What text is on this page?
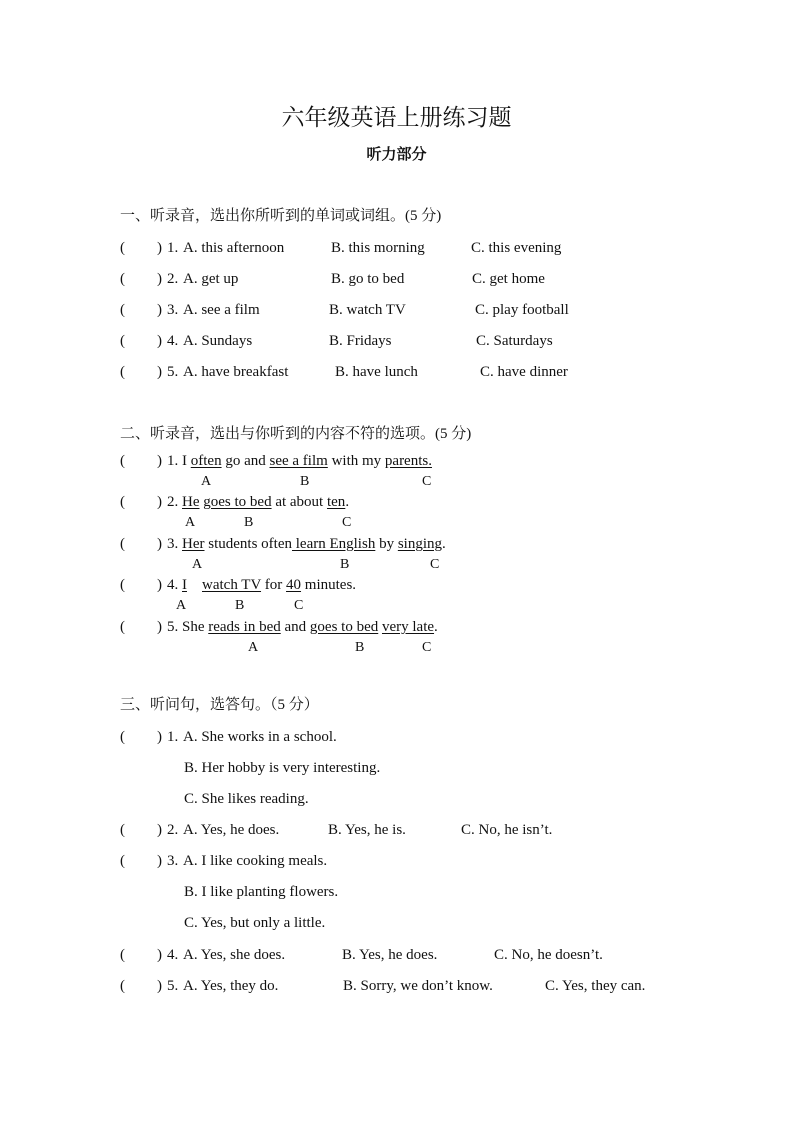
六年级英语上册练习题
听力部分
一、听录音，选出你所听到的单词或词组。(5 分)
( ) 1. A. this afternoon	B. this morning	C. this evening
( ) 2. A. get up	B. go to bed	C. get home
( ) 3. A. see a film	B. watch TV	C. play football
( ) 4. A. Sundays	B. Fridays	C. Saturdays
( ) 5. A. have breakfast	B. have lunch	C. have dinner
二、听录音，选出与你听到的内容不符的选项。(5 分)
( ) 1. I often go and see a film with my parents.
A	B	C
( ) 2. He goes to bed at about ten.
A	B	C
( ) 3. Her students often learn English by singing.
A	B	C
( ) 4. I watch TV for 40 minutes.
A	B	C
( ) 5. She reads in bed and goes to bed very late.
A	B	C
三、听问句，选答句。（5 分）
( ) 1. A. She works in a school.
B. Her hobby is very interesting.
C. She likes reading.
( ) 2. A. Yes, he does.	B. Yes, he is.	C. No, he isn’t.
( ) 3. A. I like cooking meals.
B. I like planting flowers.
C. Yes, but only a little.
( ) 4. A. Yes, she does.	B. Yes, he does.	C. No, he doesn’t.
( ) 5. A. Yes, they do.	B. Sorry, we don’t know.	C. Yes, they can.
